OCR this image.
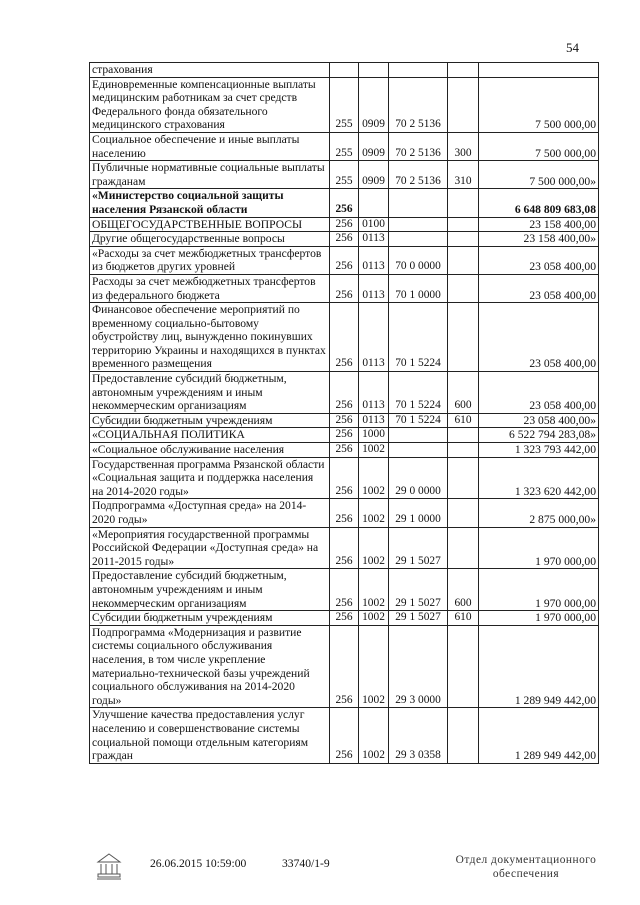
54
страхования					
Единовременные компенсационные выплаты медицинским работникам за счет средств Федерального фонда обязательного медицинского страхования	255	0909	70 2 5136		7 500 000,00
Социальное обеспечение и иные выплаты населению	255	0909	70 2 5136	300	7 500 000,00
Публичные нормативные социальные выплаты гражданам	255	0909	70 2 5136	310	7 500 000,00»
«Министерство социальной защиты населения Рязанской области	256				6 648 809 683,08
ОБЩЕГОСУДАРСТВЕННЫЕ ВОПРОСЫ	256	0100			23 158 400,00
Другие общегосударственные вопросы	256	0113			23 158 400,00»
«Расходы за счет межбюджетных трансфертов из бюджетов других уровней	256	0113	70 0 0000		23 058 400,00
Расходы за счет межбюджетных трансфертов из федерального бюджета	256	0113	70 1 0000		23 058 400,00
Финансовое обеспечение мероприятий по временному социально-бытовому обустройству лиц, вынужденно покинувших территорию Украины и находящихся в пунктах временного размещения	256	0113	70 1 5224		23 058 400,00
Предоставление субсидий бюджетным, автономным учреждениям и иным некоммерческим организациям	256	0113	70 1 5224	600	23 058 400,00
Субсидии бюджетным учреждениям	256	0113	70 1 5224	610	23 058 400,00»
«СОЦИАЛЬНАЯ ПОЛИТИКА	256	1000			6 522 794 283,08»
«Социальное обслуживание населения	256	1002			1 323 793 442,00
Государственная программа Рязанской области «Социальная защита и поддержка населения на 2014-2020 годы»	256	1002	29 0 0000		1 323 620 442,00
Подпрограмма «Доступная среда» на 2014-2020 годы»	256	1002	29 1 0000		2 875 000,00»
«Мероприятия государственной программы Российской Федерации «Доступная среда» на 2011-2015 годы»	256	1002	29 1 5027		1 970 000,00
Предоставление субсидий бюджетным, автономным учреждениям и иным некоммерческим организациям	256	1002	29 1 5027	600	1 970 000,00
Субсидии бюджетным учреждениям	256	1002	29 1 5027	610	1 970 000,00
Подпрограмма «Модернизация и развитие системы социального обслуживания населения, в том числе укрепление материально-технической базы учреждений социального обслуживания на 2014-2020 годы»	256	1002	29 3 0000		1 289 949 442,00
Улучшение качества предоставления услуг населению и совершенствование системы социальной помощи отдельным категориям граждан	256	1002	29 3 0358		1 289 949 442,00
26.06.2015 10:59:00	33740/1-9	Отдел документационного
обеспечения
